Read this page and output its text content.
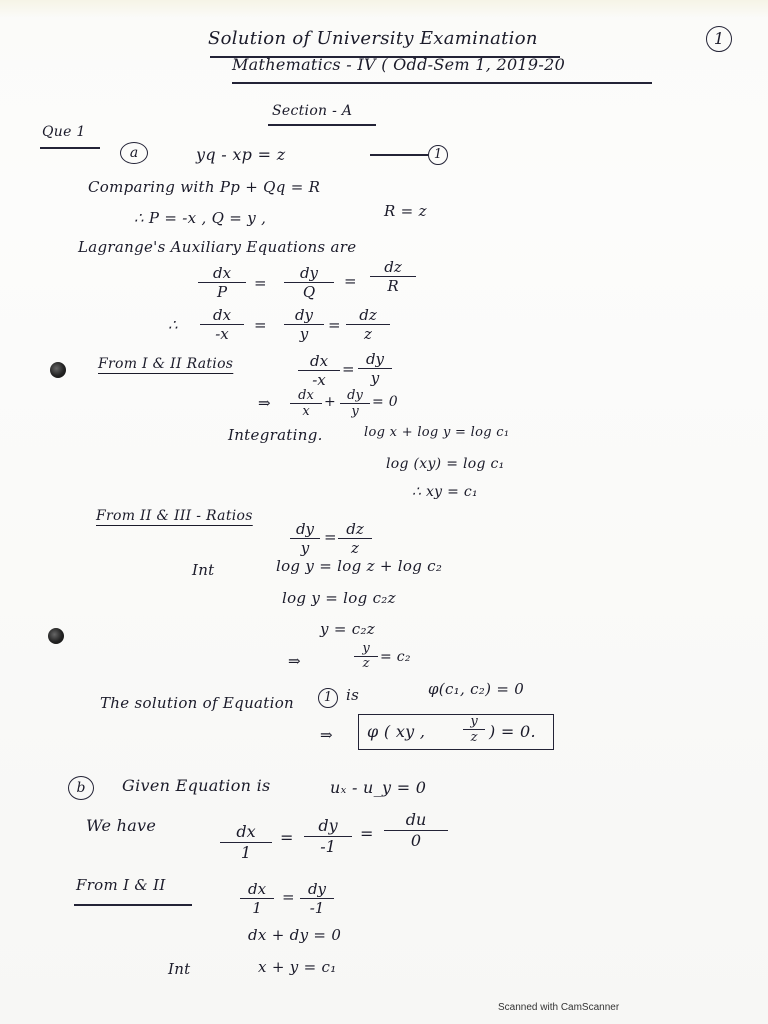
Solution of University Examination	1
Mathematics - IV ( Odd-Sem 1, 2019-20
Section - A
Que 1
a	yq - xp = z	1
Comparing with Pp + Qq = R
∴ P = -x , Q = y ,	R = z
Lagrange's Auxiliary Equations are
$\frac{dx}{P} = \frac{dy}{Q} = \frac{dz}{R}$
∴ $\frac{dx}{-x} = \frac{dy}{y} = \frac{dz}{z}$
From I & II Ratios	$\frac{dx}{-x} = \frac{dy}{y}$
⇒ $\frac{dx}{x} + \frac{dy}{y} = 0$
Integrating.	log x + log y = log c₁
log (xy) = log c₁
∴ xy = c₁
From II & III - Ratios
$\frac{dy}{y} = \frac{dz}{z}$
Int	log y = log z + log c₂
log y = log c₂z
y = c₂z
⇒	$\frac{y}{z} = c_2$
The solution of Equation	1 is	φ(c₁, c₂) = 0
⇒ φ ( xy ,	$\frac{y}{z}$ ) = 0.
b	Given Equation is	uₓ - u_y = 0
We have	$\frac{dx}{1} = \frac{dy}{-1} = \frac{du}{0}$
From I & II	$\frac{dx}{1} = \frac{dy}{-1}$
dx + dy = 0
Int	x + y = c₁
Scanned with CamScanner
